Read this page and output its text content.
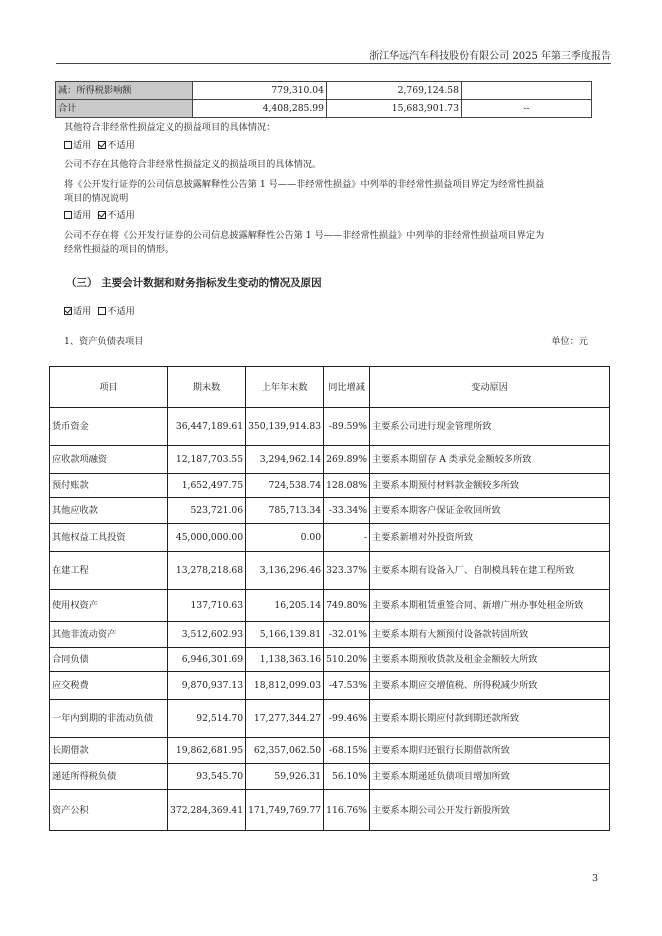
浙江华远汽车科技股份有限公司 2025 年第三季度报告
减：所得税影响额	779,310.04	2,769,124.58	
合计	4,408,285.99	15,683,901.73	--
其他符合非经常性损益定义的损益项目的具体情况：
适用 不适用
公司不存在其他符合非经常性损益定义的损益项目的具体情况。
将《公开发行证券的公司信息披露解释性公告第 1 号——非经常性损益》中列举的非经常性损益项目界定为经常性损益
项目的情况说明
适用 不适用
公司不存在将《公开发行证券的公司信息披露解释性公告第 1 号——非经常性损益》中列举的非经常性损益项目界定为
经常性损益的项目的情形。
（三） 主要会计数据和财务指标发生变动的情况及原因
适用 不适用
1、资产负债表项目	单位：元
项目	期末数	上年年末数	同比增减	变动原因
货币资金	36,447,189.61	350,139,914.83	-89.59%	主要系公司进行现金管理所致
应收款项融资	12,187,703.55	3,294,962.14	269.89%	主要系本期留存 A 类承兑金额较多所致
预付账款	1,652,497.75	724,538.74	128.08%	主要系本期预付材料款金额较多所致
其他应收款	523,721.06	785,713.34	-33.34%	主要系本期客户保证金收回所致
其他权益工具投资	45,000,000.00	0.00	-	主要系新增对外投资所致
在建工程	13,278,218.68	3,136,296.46	323.37%	主要系本期有设备入厂、自制模具转在建工程所致
使用权资产	137,710.63	16,205.14	749.80%	主要系本期租赁重签合同、新增广州办事处租金所致
其他非流动资产	3,512,602.93	5,166,139.81	-32.01%	主要系本期有大额预付设备款转固所致
合同负债	6,946,301.69	1,138,363.16	510.20%	主要系本期预收货款及租金金额较大所致
应交税费	9,870,937.13	18,812,099.03	-47.53%	主要系本期应交增值税、所得税减少所致
一年内到期的非流动负债	92,514.70	17,277,344.27	-99.46%	主要系本期长期应付款到期还款所致
长期借款	19,862,681.95	62,357,062.50	-68.15%	主要系本期归还银行长期借款所致
递延所得税负债	93,545.70	59,926.31	56.10%	主要系本期递延负债项目增加所致
资产公积	372,284,369.41	171,749,769.77	116.76%	主要系本期公司公开发行新股所致
3
